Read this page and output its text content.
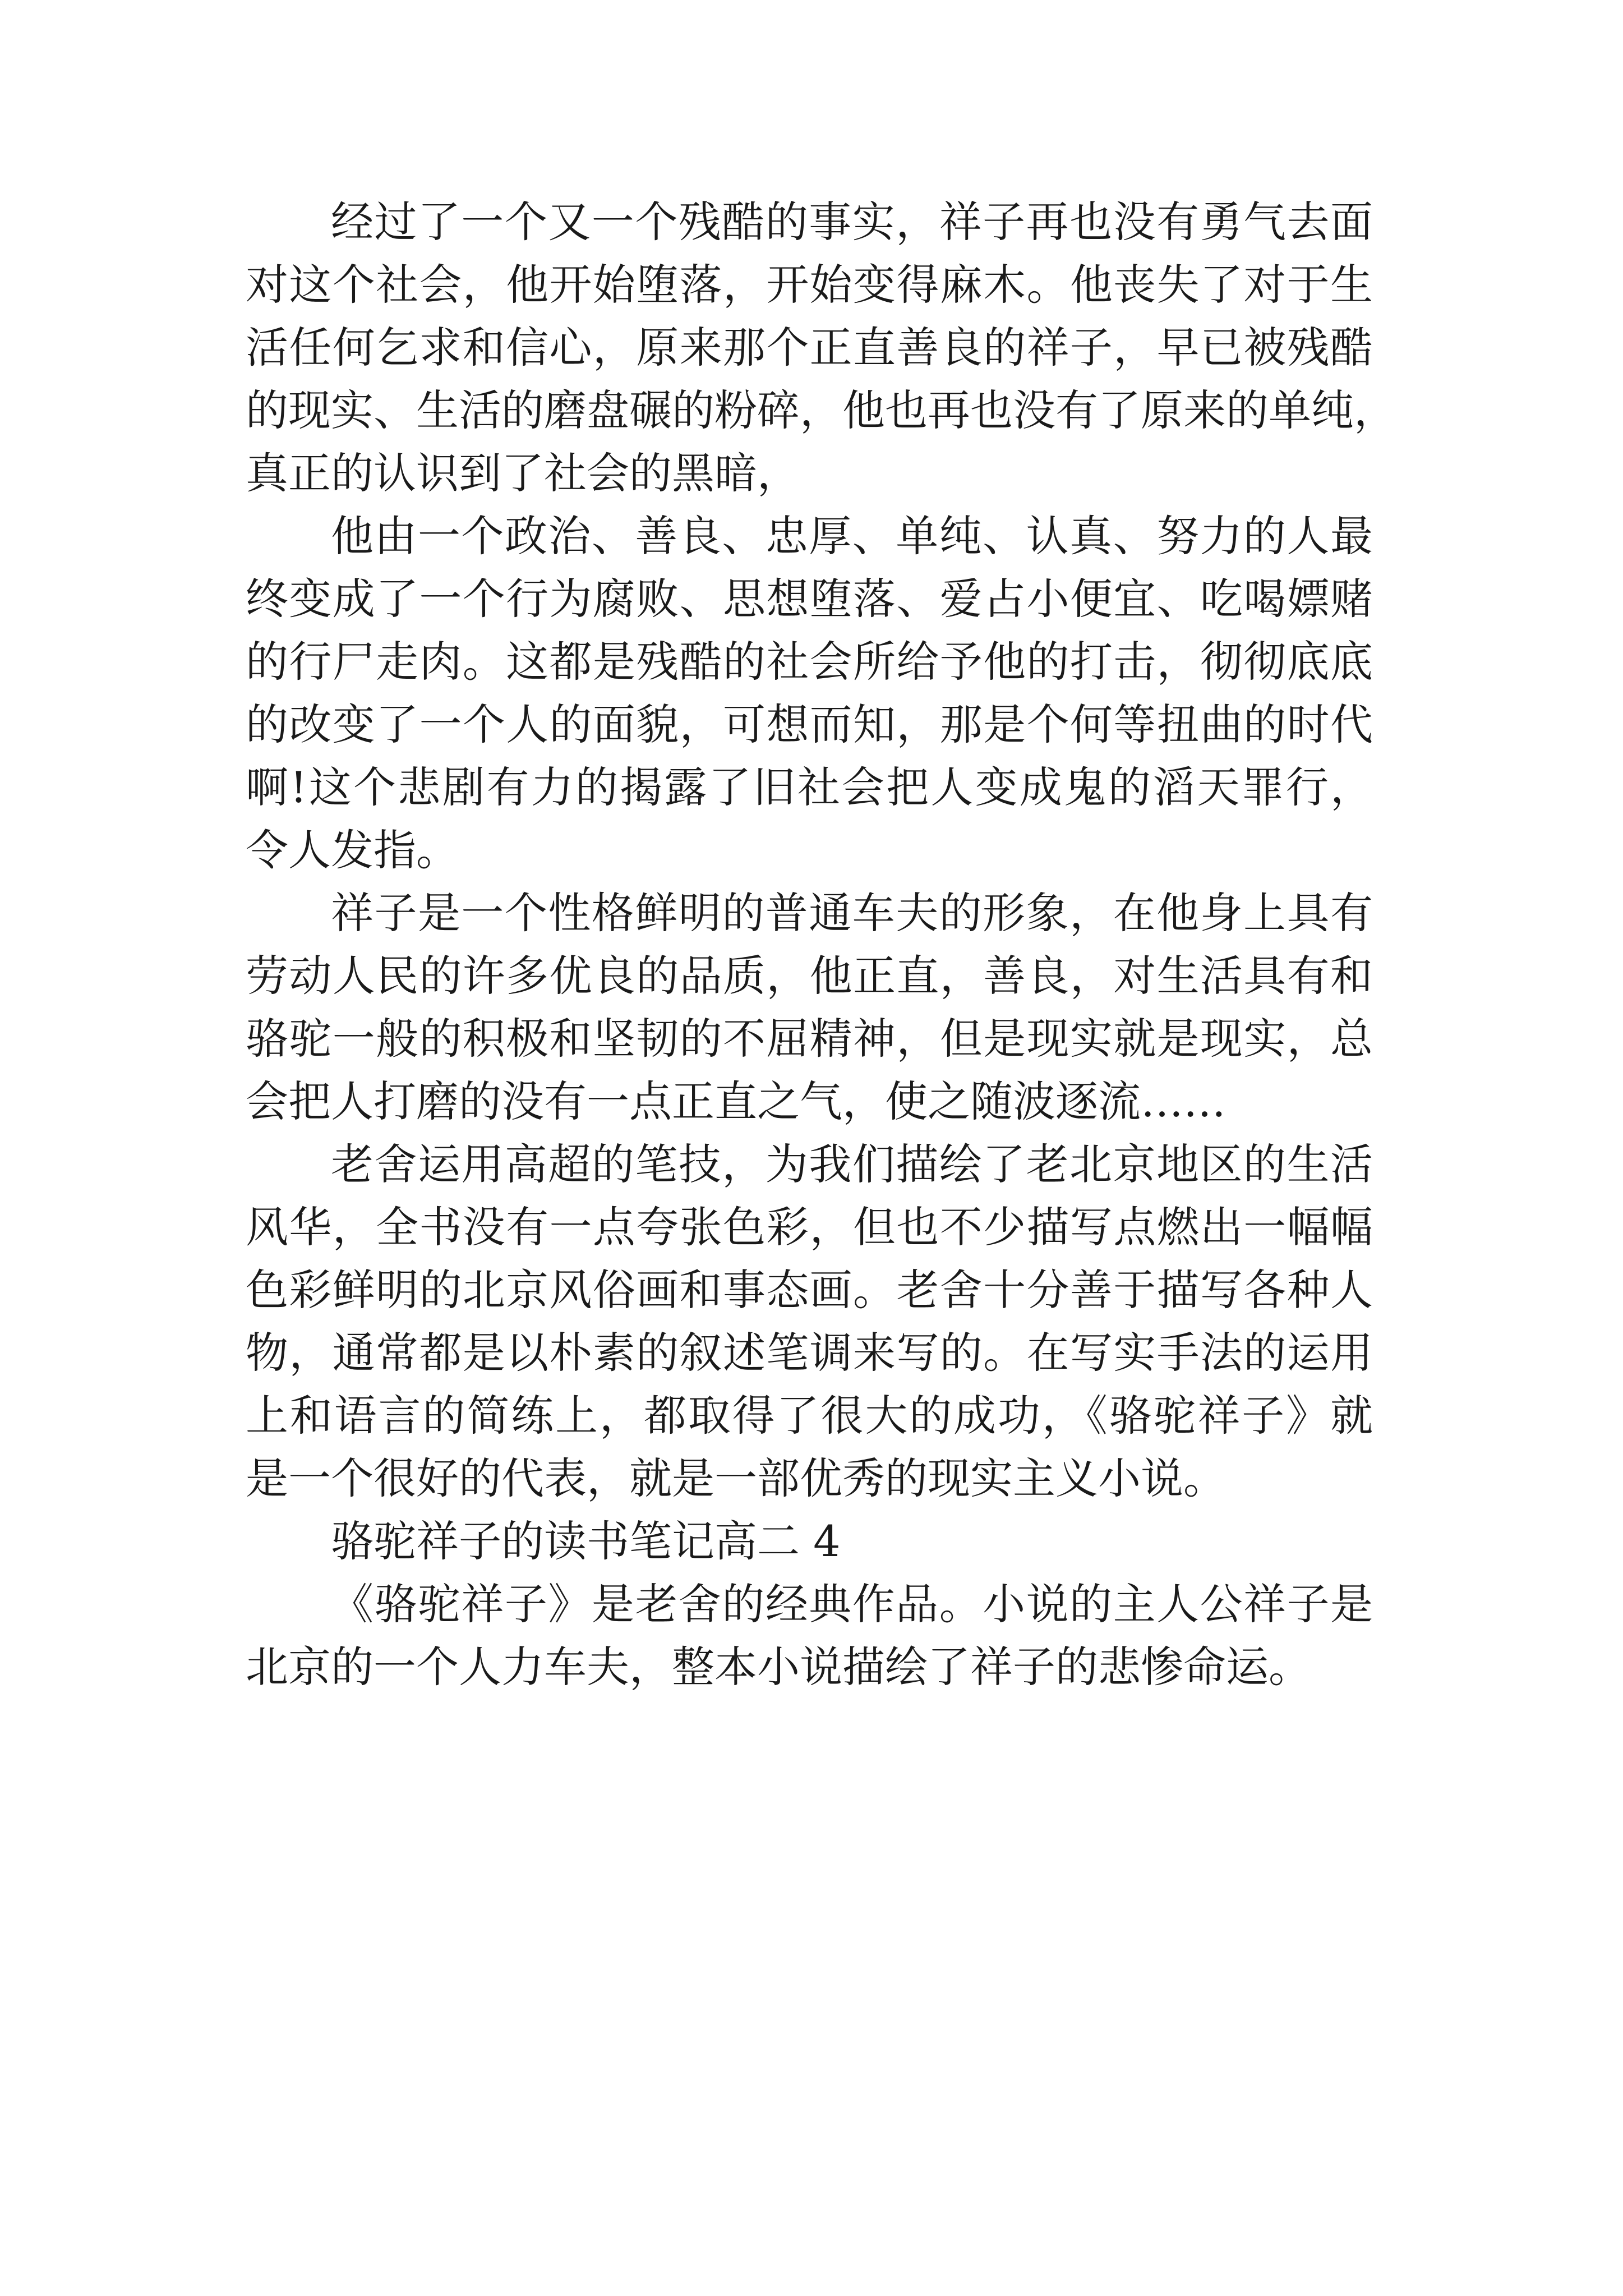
经过了一个又一个残酷的事实，祥子再也没有勇气去面
对这个社会，他开始堕落，开始变得麻木。他丧失了对于生
活任何乞求和信心，原来那个正直善良的祥子，早已被残酷
的现实、生活的磨盘碾的粉碎，他也再也没有了原来的单纯，
真正的认识到了社会的黑暗，
他由一个政治、善良、忠厚、单纯、认真、努力的人最
终变成了一个行为腐败、思想堕落、爱占小便宜、吃喝嫖赌
的行尸走肉。这都是残酷的社会所给予他的打击，彻彻底底
的改变了一个人的面貌，可想而知，那是个何等扭曲的时代
啊!这个悲剧有力的揭露了旧社会把人变成鬼的滔天罪行，
令人发指。
祥子是一个性格鲜明的普通车夫的形象，在他身上具有
劳动人民的许多优良的品质，他正直，善良，对生活具有和
骆驼一般的积极和坚韧的不屈精神，但是现实就是现实，总
会把人打磨的没有一点正直之气，使之随波逐流……
老舍运用高超的笔技，为我们描绘了老北京地区的生活
风华，全书没有一点夸张色彩，但也不少描写点燃出一幅幅
色彩鲜明的北京风俗画和事态画。老舍十分善于描写各种人
物，通常都是以朴素的叙述笔调来写的。在写实手法的运用
上和语言的简练上，都取得了很大的成功，《骆驼祥子》就
是一个很好的代表，就是一部优秀的现实主义小说。
骆驼祥子的读书笔记高二 4
《骆驼祥子》是老舍的经典作品。小说的主人公祥子是
北京的一个人力车夫，整本小说描绘了祥子的悲惨命运。
